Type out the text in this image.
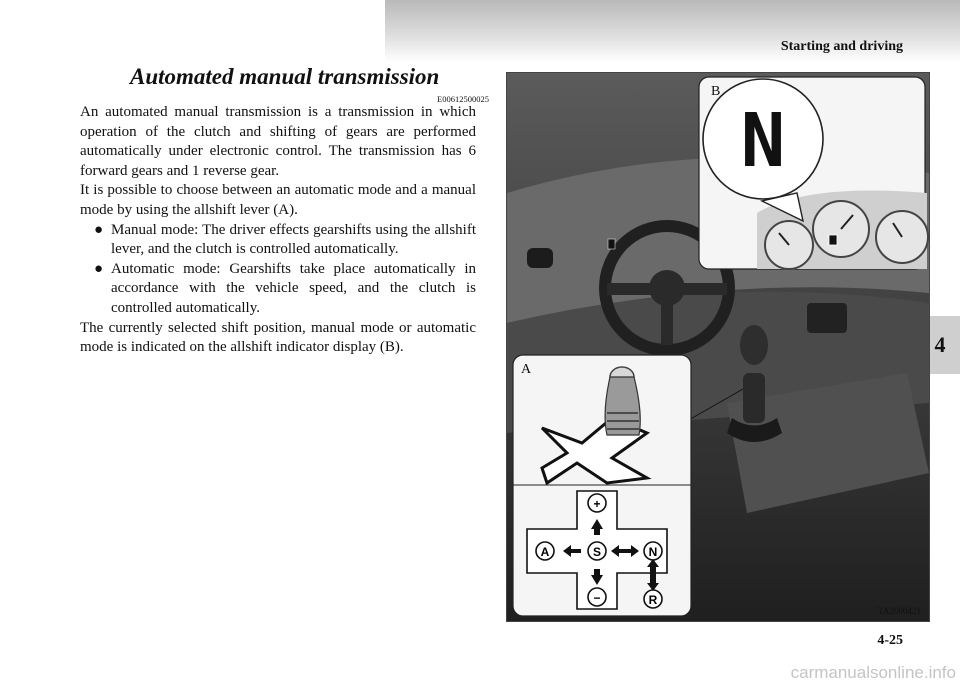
Starting and driving
4
Automated manual transmission
E00612500025

An automated manual transmission is a transmission in which operation of the clutch and shifting of gears are performed automatically under electronic control. The transmission has 6 forward gears and 1 reverse gear.

It is possible to choose between an automatic mode and a manual mode by using the allshift lever (A).

● Manual mode: The driver effects gearshifts using the allshift lever, and the clutch is controlled automatically.

● Automatic mode: Gearshifts take place automatically in accordance with the vehicle speed, and the clutch is controlled automatically.

The currently selected shift position, manual mode or automatic mode is indicated on the allshift indicator display (B).

B
N
A
+
A	S	N
−	R
TA2000421
4-25
carmanualsonline.info
